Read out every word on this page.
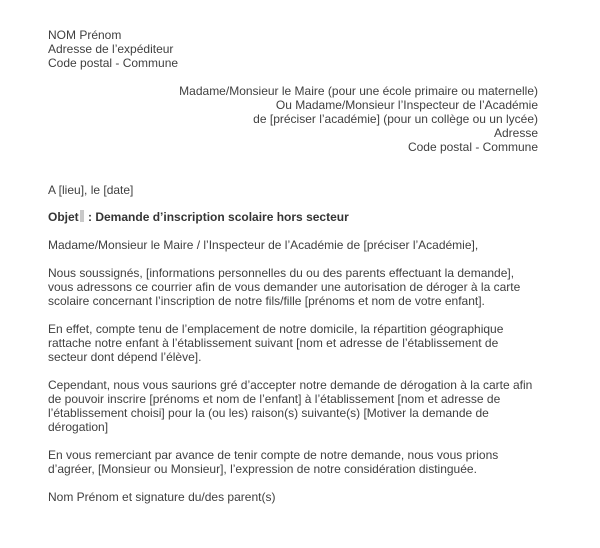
NOM Prénom
Adresse de l’expéditeur
Code postal - Commune
Madame/Monsieur le Maire (pour une école primaire ou maternelle)
Ou Madame/Monsieur l’Inspecteur de l’Académie
de [préciser l’académie] (pour un collège ou un lycée)
Adresse
Code postal - Commune
A [lieu], le [date]
Objet : Demande d’inscription scolaire hors secteur

Madame/Monsieur le Maire / l’Inspecteur de l’Académie de [préciser l’Académie],

Nous soussignés, [informations personnelles du ou des parents effectuant la demande], vous adressons ce courrier afin de vous demander une autorisation de déroger à la carte scolaire concernant l’inscription de notre fils/fille [prénoms et nom de votre enfant].

En effet, compte tenu de l’emplacement de notre domicile, la répartition géographique rattache notre enfant à l’établissement suivant [nom et adresse de l’établissement de secteur dont dépend l’élève].

Cependant, nous vous saurions gré d’accepter notre demande de dérogation à la carte afin de pouvoir inscrire [prénoms et nom de l’enfant] à l’établissement [nom et adresse de l’établissement choisi] pour la (ou les) raison(s) suivante(s) [Motiver la demande de dérogation]

En vous remerciant par avance de tenir compte de notre demande, nous vous prions d’agréer, [Monsieur ou Monsieur], l’expression de notre considération distinguée.

Nom Prénom et signature du/des parent(s)
